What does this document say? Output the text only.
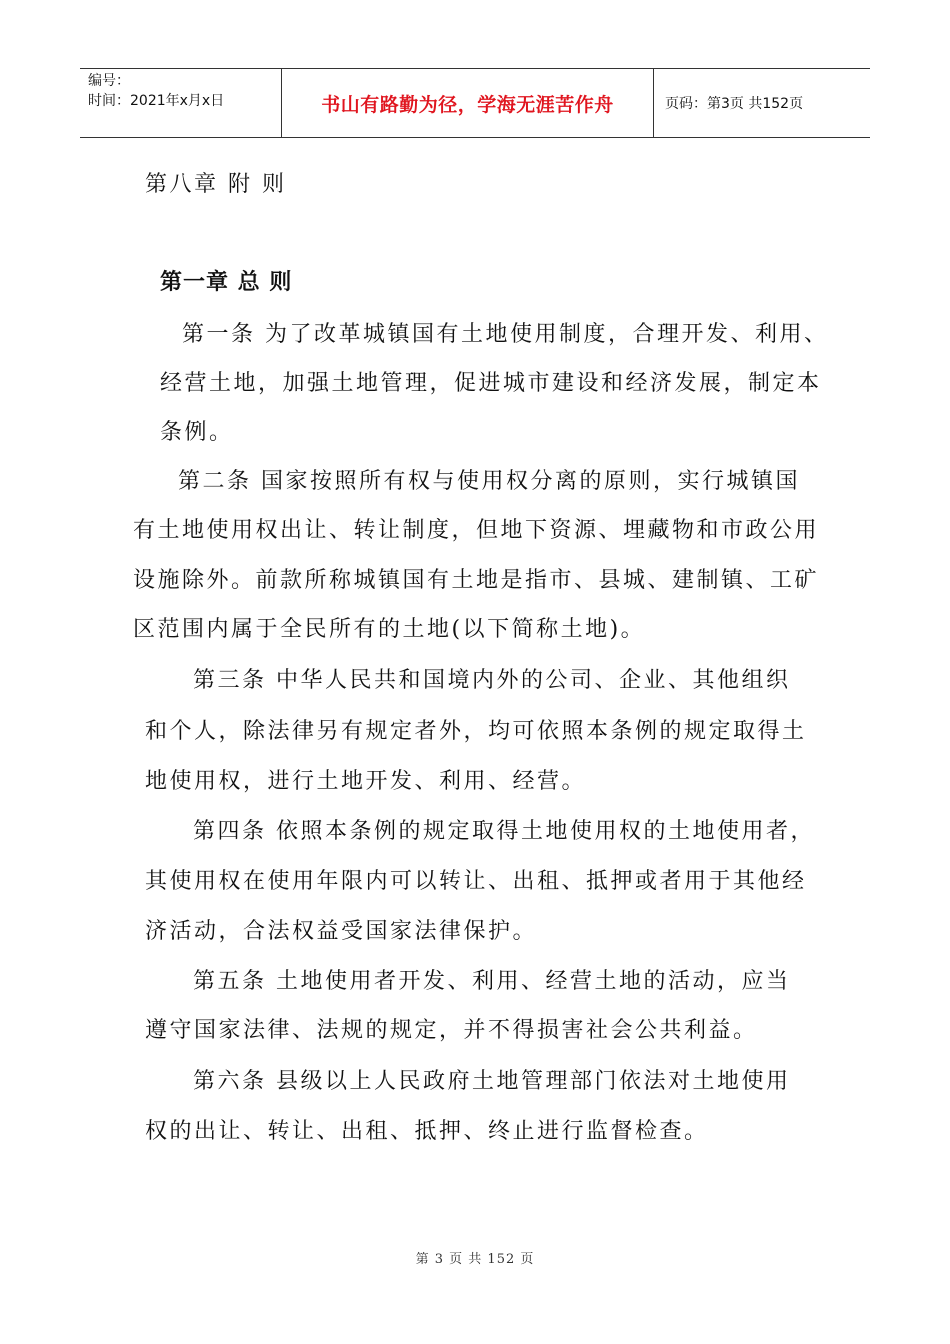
编号：
时间：2021年x月x日	书山有路勤为径，学海无涯苦作舟	页码：第3页 共152页
第八章 附 则
第一章 总 则
第一条 为了改革城镇国有土地使用制度，合理开发、利用、
经营土地，加强土地管理，促进城市建设和经济发展，制定本
条例。
第二条 国家按照所有权与使用权分离的原则，实行城镇国
有土地使用权出让、转让制度，但地下资源、埋藏物和市政公用
设施除外。前款所称城镇国有土地是指市、县城、建制镇、工矿
区范围内属于全民所有的土地(以下简称土地)。
第三条 中华人民共和国境内外的公司、企业、其他组织
和个人，除法律另有规定者外，均可依照本条例的规定取得土
地使用权，进行土地开发、利用、经营。
第四条 依照本条例的规定取得土地使用权的土地使用者，
其使用权在使用年限内可以转让、出租、抵押或者用于其他经
济活动，合法权益受国家法律保护。
第五条 土地使用者开发、利用、经营土地的活动，应当
遵守国家法律、法规的规定，并不得损害社会公共利益。
第六条 县级以上人民政府土地管理部门依法对土地使用
权的出让、转让、出租、抵押、终止进行监督检查。
第 3 页 共 152 页
